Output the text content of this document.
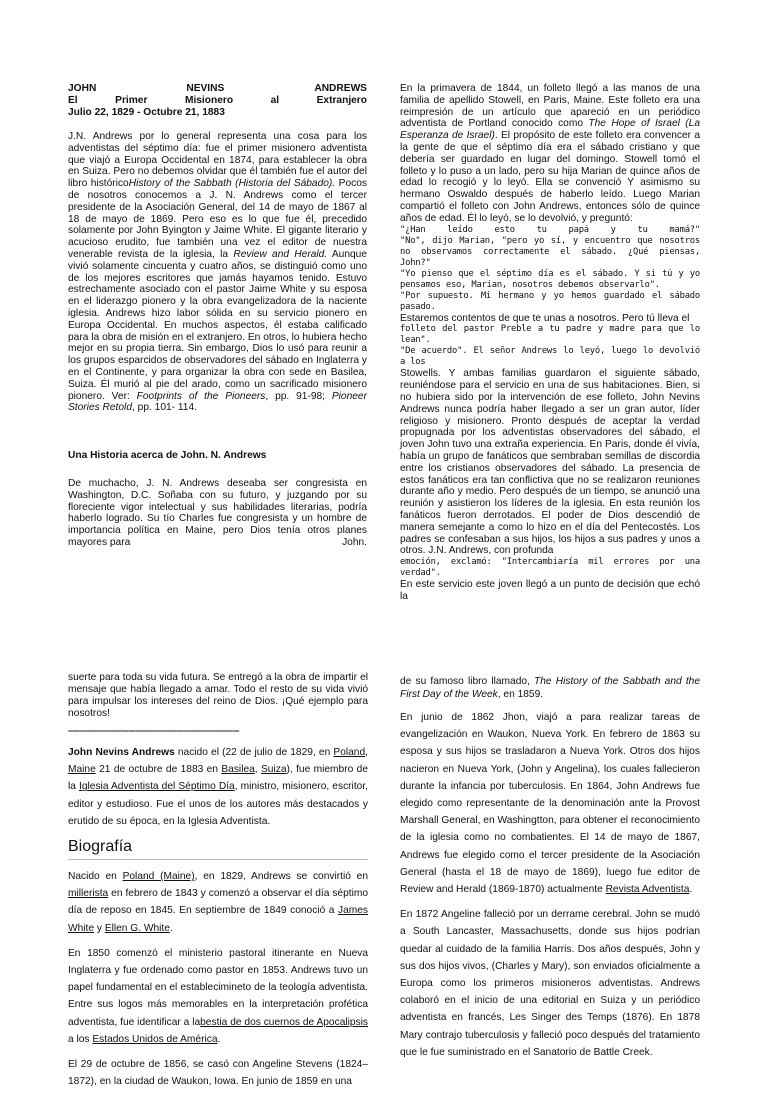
JOHN	NEVINS	ANDREWS
El	Primer	Misionero	al	Extranjero
Julio 22, 1829 - Octubre 21, 1883

J.N. Andrews por lo general representa una cosa para los adventistas del séptimo día: fue el primer misionero adventista que viajó a Europa Occidental en 1874, para establecer la obra en Suiza. Pero no debemos olvidar que él también fue el autor del libro históricoHistory of the Sabbath (Historia del Sábado). Pocos de nosotros conocemos a J. N. Andrews como el tercer presidente de la Asociación General, del 14 de mayo de 1867 al 18 de mayo de 1869. Pero eso es lo que fue él, precedido solamente por John Byington y Jaime White. El gigante literario y acucioso erudito, fue también una vez el editor de nuestra venerable revista de la iglesia, la Review and Herald. Aunque vivió solamente cincuenta y cuatro años, se distinguió como uno de los mejores escritores que jamás hayamos tenido. Estuvo estrechamente asociado con el pastor Jaime White y su esposa en el liderazgo pionero y la obra evangelizadora de la naciente iglesia. Andrews hizo labor sólida en su servicio pionero en Europa Occidental. En muchos aspectos, él estaba calificado para la obra de misión en el extranjero. En otros, lo hubiera hecho mejor en su propia tierra. Sin embargo, Dios lo usó para reunir a los grupos esparcidos de observadores del sábado en Inglaterra y en el Continente, y para organizar la obra con sede en Basilea, Suiza. Él murió al pie del arado, como un sacrificado misionero pionero. Ver: Footprints of the Pioneers, pp. 91-98; Pioneer Stories Retold, pp. 101- 114.

Una Historia acerca de John. N. Andrews

De muchacho, J. N. Andrews deseaba ser congresista en Washington, D.C. Soñaba con su futuro, y juzgando por su floreciente vigor intelectual y sus habilidades literarias, podría haberlo logrado. Su tío Charles fue congresista y un hombre de importancia política en Maine, pero Dios tenía otros planes mayores para	John.

En la primavera de 1844, un folleto llegó a las manos de una familia de apellido Stowell, en Paris, Maine. Este folleto era una reimpresión de un artículo que apareció en un periódico adventista de Portland conocido como The Hope of Israel (La Esperanza de Israel). El propósito de este folleto era convencer a la gente de que el séptimo día era el sábado cristiano y que debería ser guardado en lugar del domingo. Stowell tomó el folleto y lo puso a un lado, pero su hija Marian de quince años de edad lo recogió y lo leyó. Ella se convenció Y asimismo su hermano Oswaldo después de haberlo leído. Luego Marian compartió el folleto con John Andrews, entonces sólo de quince años de edad. Él lo leyó, se lo devolvió, y preguntó:

"¿Han leído esto tu papá y tu mamá?"

"No", dijo Marian, "pero yo sí, y encuentro que nosotros no observamos correctamente el sábado. ¿Qué piensas, John?"

"Yo pienso que el séptimo día es el sábado. Y si tú y yo pensamos eso, Marian, nosotros debemos observarlo".

"Por supuesto. Mi hermano y yo hemos guardado el sábado pasado.

Estaremos contentos de que te unas a nosotros. Pero tú lleva el

folleto del pastor Preble a tu padre y madre para que lo lean".

"De acuerdo". El señor Andrews lo leyó, luego lo devolvió a los

Stowells. Y ambas familias guardaron el siguiente sábado, reuniéndose para el servicio en una de sus habitaciones. Bien, si no hubiera sido por la intervención de ese folleto, John Nevins Andrews nunca podría haber llegado a ser un gran autor, líder religioso y misionero. Pronto después de aceptar la verdad propugnada por los adventistas observadores del sábado, el joven John tuvo una extraña experiencia. En Paris, donde él vivía, había un grupo de fanáticos que sembraban semillas de discordia entre los cristianos observadores del sábado. La presencia de estos fanáticos era tan conflictiva que no se realizaron reuniones durante año y medio. Pero después de un tiempo, se anunció una reunión y asistieron los líderes de la iglesia. En esta reunión los fanáticos fueron derrotados. El poder de Dios descendió de manera semejante a como lo hizo en el día del Pentecostés. Los padres se confesaban a sus hijos, los hijos a sus padres y unos a otros. J.N. Andrews, con profunda

emoción, exclamó: "Intercambiaría mil errores por una verdad".

En este servicio este joven llegó a un punto de decisión que echó la

suerte para toda su vida futura. Se entregó a la obra de impartir el mensaje que había llegado a amar. Todo el resto de su vida vivió para impulsar los intereses del reino de Dios. ¡Qué ejemplo para nosotros!

-------------------------------------------------------------------------------

John Nevins Andrews nacido el (22 de julio de 1829, en Poland, Maine 21 de octubre de 1883 en Basilea, Suiza), fue miembro de la Iglesia Adventista del Séptimo Día, ministro, misionero, escritor, editor y estudioso. Fue el unos de los autores más destacados y erutido de su época, en la Iglesia Adventista.

Biografía

Nacido en Poland (Maine), en 1829, Andrews se convirtió en millerista en febrero de 1843 y comenzó a observar el día séptimo día de reposo en 1845. En septiembre de 1849 conoció a James White y Ellen G. White.

En 1850 comenzó el ministerio pastoral itinerante en Nueva Inglaterra y fue ordenado como pastor en 1853. Andrews tuvo un papel fundamental en el establecimineto de la teología adventista. Entre sus logos más memorables en la interpretación profética adventista, fue identificar a labestia de dos cuernos de Apocalipsis a los Estados Unidos de América.

El 29 de octubre de 1856, se casó con Angeline Stevens (1824–1872), en la ciudad de Waukon, Iowa. En junio de 1859 en una

de su famoso libro llamado, The History of the Sabbath and the First Day of the Week, en 1859.

En junio de 1862 Jhon, viajó a para realizar tareas de evangelización en Waukon, Nueva York. En febrero de 1863 su esposa y sus hijos se trasladaron a Nueva York. Otros dos hijos nacieron en Nueva York, (John y Angelina), los cuales fallecieron durante la infancia por tuberculosis. En 1864, John Andrews fue elegido como representante de la denominación ante la Provost Marshall General, en Washingtton, para obtener el reconocimiento de la iglesia como no combatientes. El 14 de mayo de 1867, Andrews fue elegido como el tercer presidente de la Asociación General (hasta el 18 de mayo de 1869), luego fue editor de Review and Herald (1869-1870) actualmente Revista Adventista.

En 1872 Angeline falleció por un derrame cerebral. John se mudó a South Lancaster, Massachusetts, donde sus hijos podrían quedar al cuidado de la familia Harris. Dos años después, John y sus dos hijos vivos, (Charles y Mary), son enviados oficialmente a Europa como los primeros misioneros adventistas. Andrews colaboró en el inicio de una editorial en Suiza y un periódico adventista en francés, Les Singer des Temps (1876). En 1878 Mary contrajo tuberculosis y falleció poco después del tratamiento que le fue suministrado en el Sanatorio de Battle Creek.
